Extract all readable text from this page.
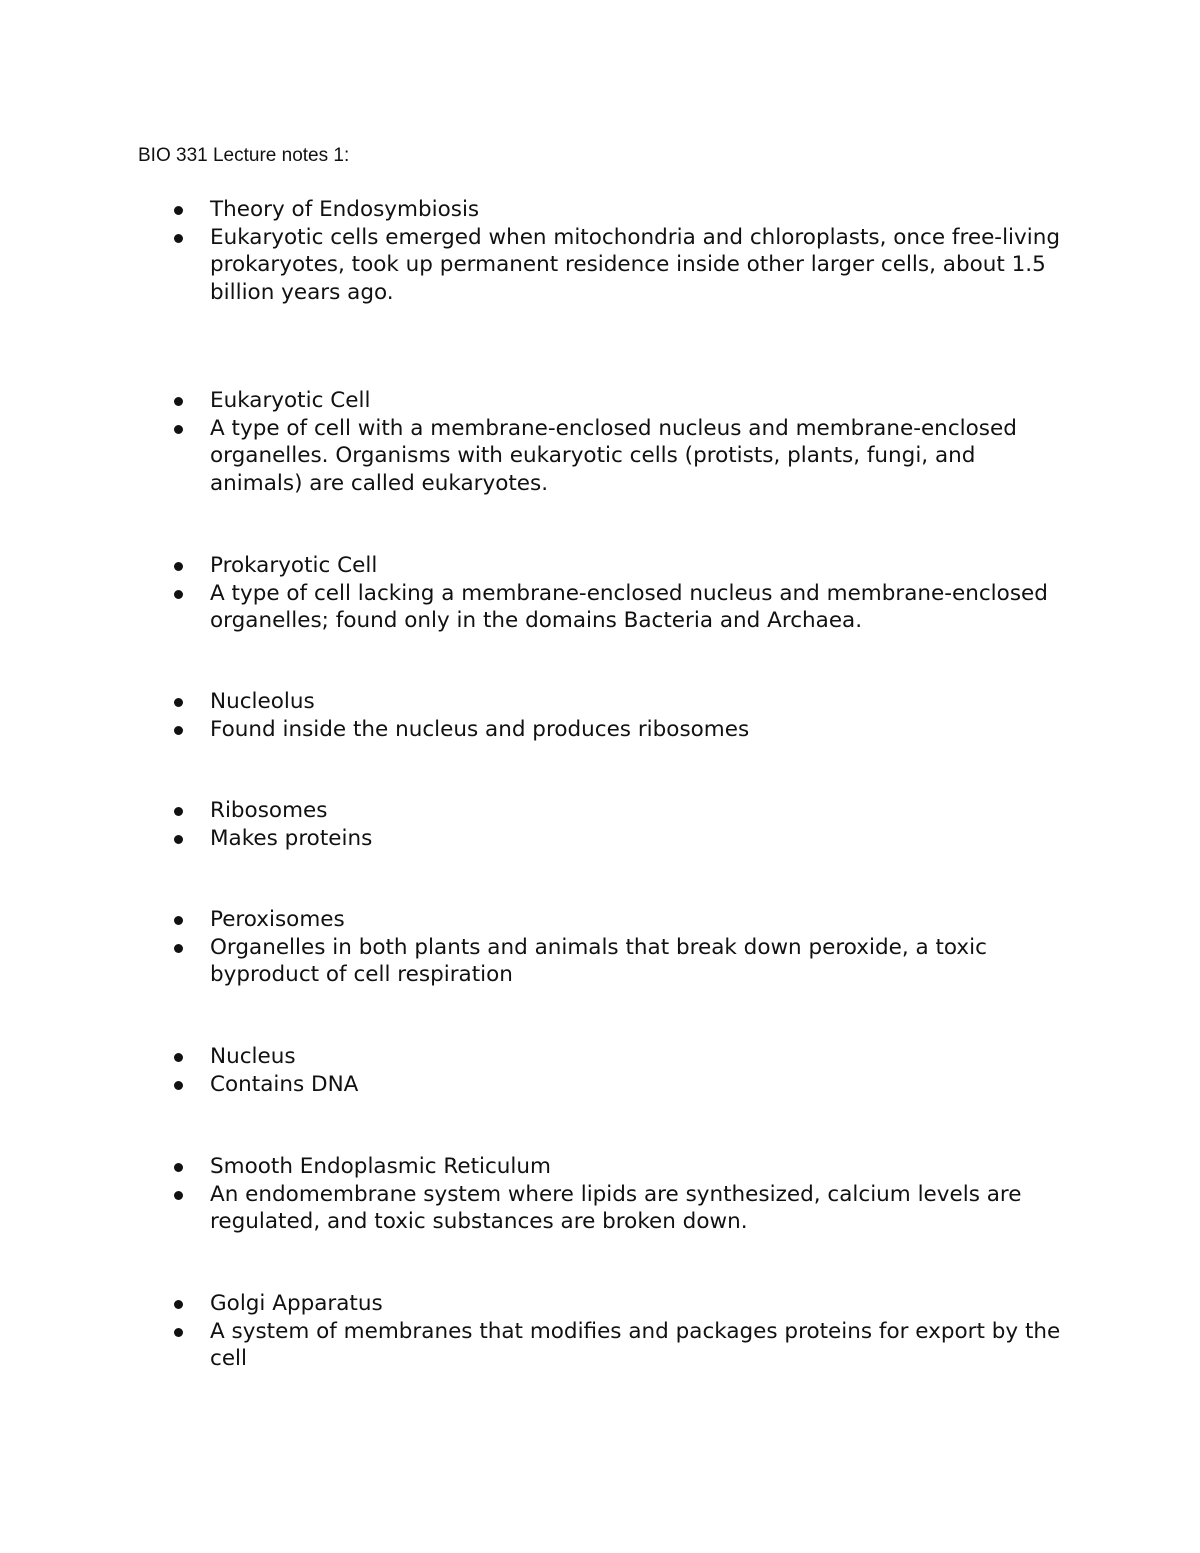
BIO 331 Lecture notes 1:
Theory of Endosymbiosis
Eukaryotic cells emerged when mitochondria and chloroplasts, once free-living prokaryotes, took up permanent residence inside other larger cells, about 1.5 billion years ago.
Eukaryotic Cell
A type of cell with a membrane-enclosed nucleus and membrane-enclosed organelles. Organisms with eukaryotic cells (protists, plants, fungi, and animals) are called eukaryotes.
Prokaryotic Cell
A type of cell lacking a membrane-enclosed nucleus and membrane-enclosed organelles; found only in the domains Bacteria and Archaea.
Nucleolus
Found inside the nucleus and produces ribosomes
Ribosomes
Makes proteins
Peroxisomes
Organelles in both plants and animals that break down peroxide, a toxic byproduct of cell respiration
Nucleus
Contains DNA
Smooth Endoplasmic Reticulum
An endomembrane system where lipids are synthesized, calcium levels are regulated, and toxic substances are broken down.
Golgi Apparatus
A system of membranes that modifies and packages proteins for export by the cell
